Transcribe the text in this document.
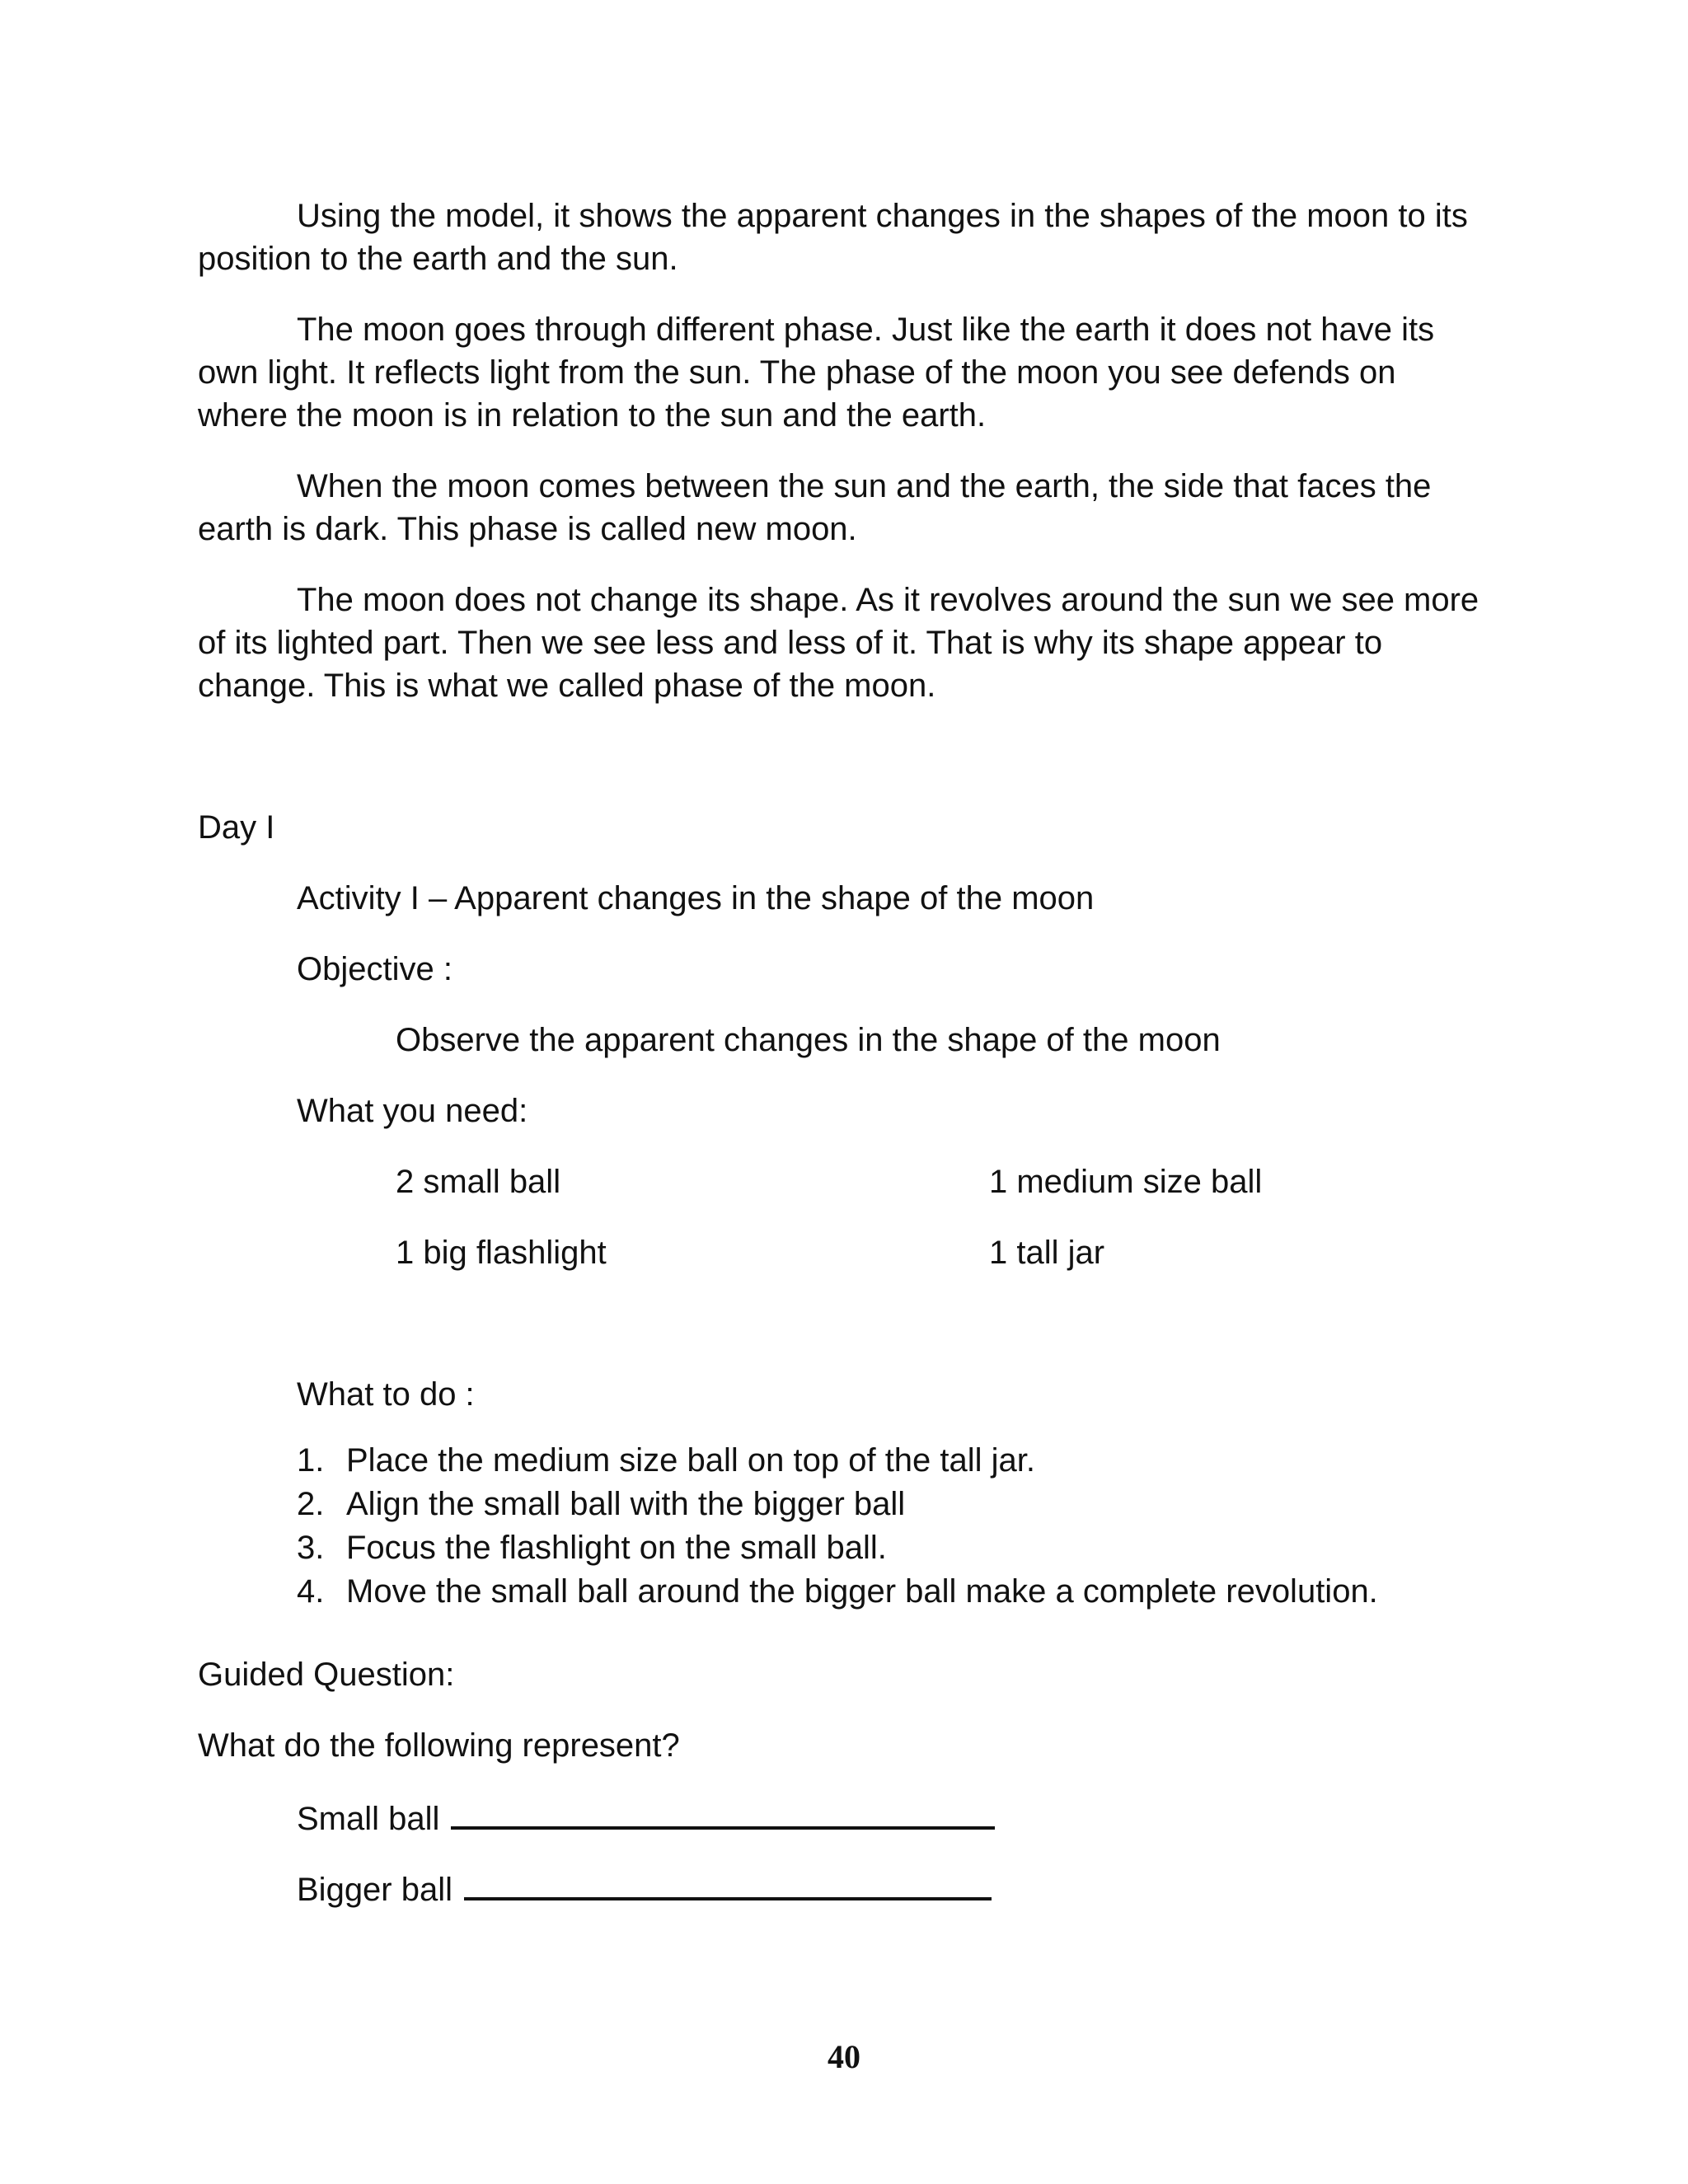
Using the model, it shows the apparent changes in the shapes of the moon to its position to the earth and the sun.

The moon goes through different phase. Just like the earth it does not have its own light. It reflects light from the sun. The phase of the moon you see defends on where the moon is in relation to the sun and the earth.

When the moon comes between the sun and the earth, the side that faces the earth is dark. This phase is called new moon.

The moon does not change its shape. As it revolves around the sun we see more of its lighted part. Then we see less and less of it. That is why its shape appear to change. This is what we called phase of the moon.

Day I

Activity I – Apparent changes in the shape of the moon

Objective :

Observe the apparent changes in the shape of the moon

What you need:

2 small ball	1 medium size ball

1 big flashlight	1 tall jar

What to do :

1. Place the medium size ball on top of the tall jar.
2. Align the small ball with the bigger ball
3. Focus the flashlight on the small ball.
4. Move the small ball around the bigger ball make a complete revolution.

Guided Question:

What do the following represent?

Small ball

Bigger ball

40
